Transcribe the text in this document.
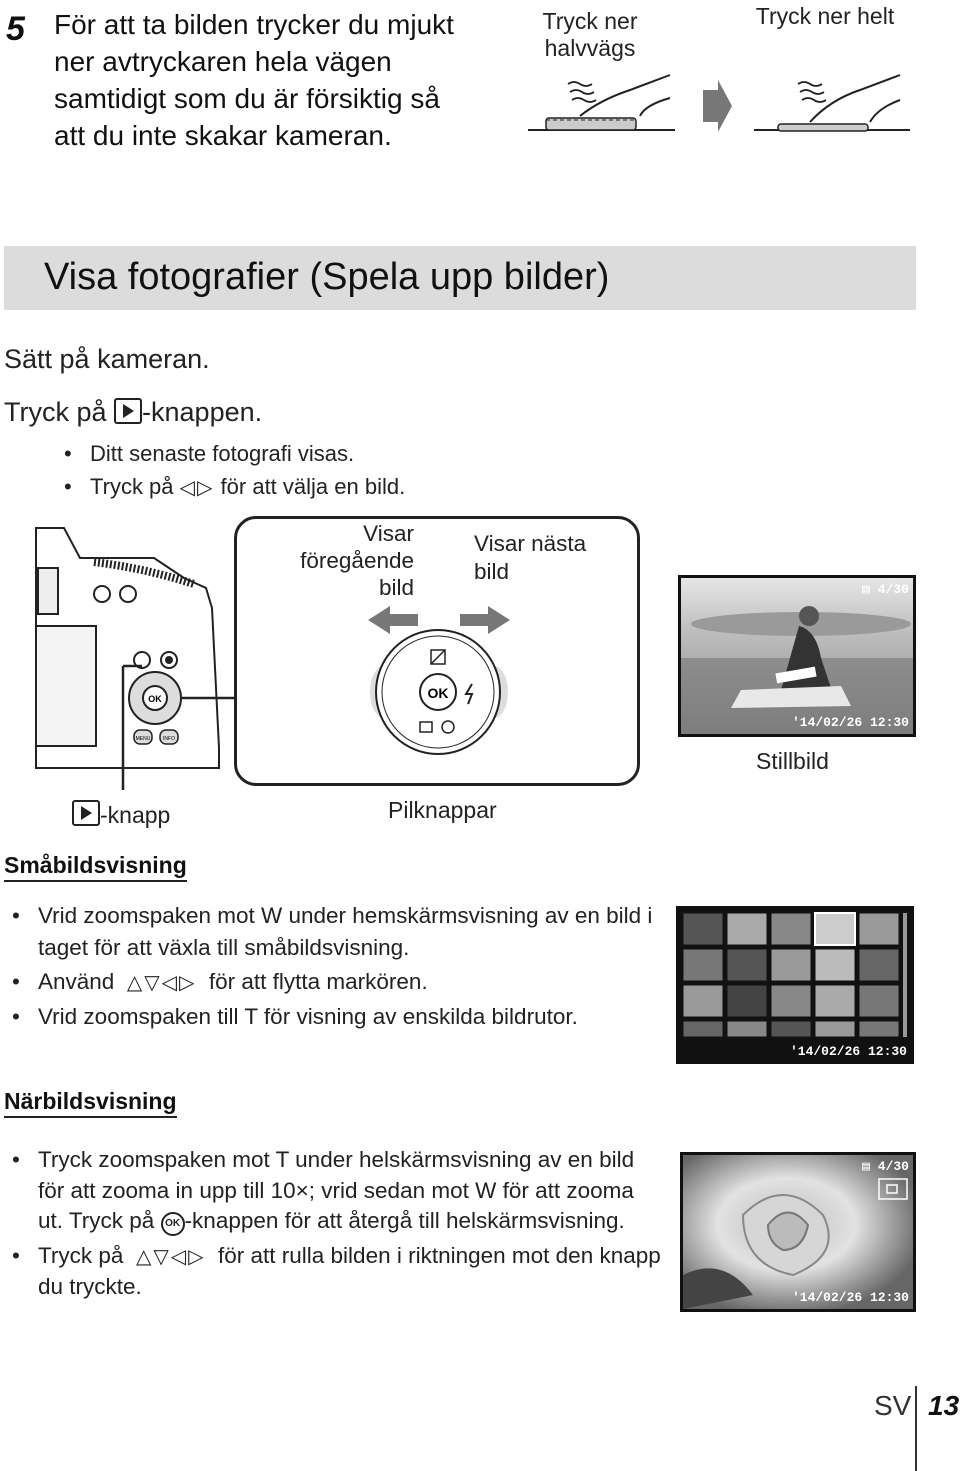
5 För att ta bilden trycker du mjukt ner avtryckaren hela vägen samtidigt som du är försiktig så att du inte skakar kameran.
Tryck ner halvvägs
Tryck ner helt
Visa fotografier (Spela upp bilder)
Sätt på kameran.
Tryck på -knappen.
• Ditt senaste fotografi visas.
• Tryck på ◁▷ för att välja en bild.
OK
MENU	INFO
Visar föregående bild
Visar nästa bild
OK
-knapp	Pilknappar
▤ 4/30
'14/02/26 12:30
Stillbild
Småbildsvisning
• Vrid zoomspaken mot W under hemskärmsvisning av en bild i taget för att växla till småbildsvisning.
• Använd △▽◁▷ för att flytta markören.
• Vrid zoomspaken till T för visning av enskilda bildrutor.
'14/02/26 12:30
Närbildsvisning
• Tryck zoomspaken mot T under helskärmsvisning av en bild för att zooma in upp till 10×; vrid sedan mot W för att zooma ut. Tryck på OK -knappen för att återgå till helskärmsvisning.
• Tryck på △▽◁▷ för att rulla bilden i riktningen mot den knapp du tryckte.
▤ 4/30
'14/02/26 12:30
SV 13
